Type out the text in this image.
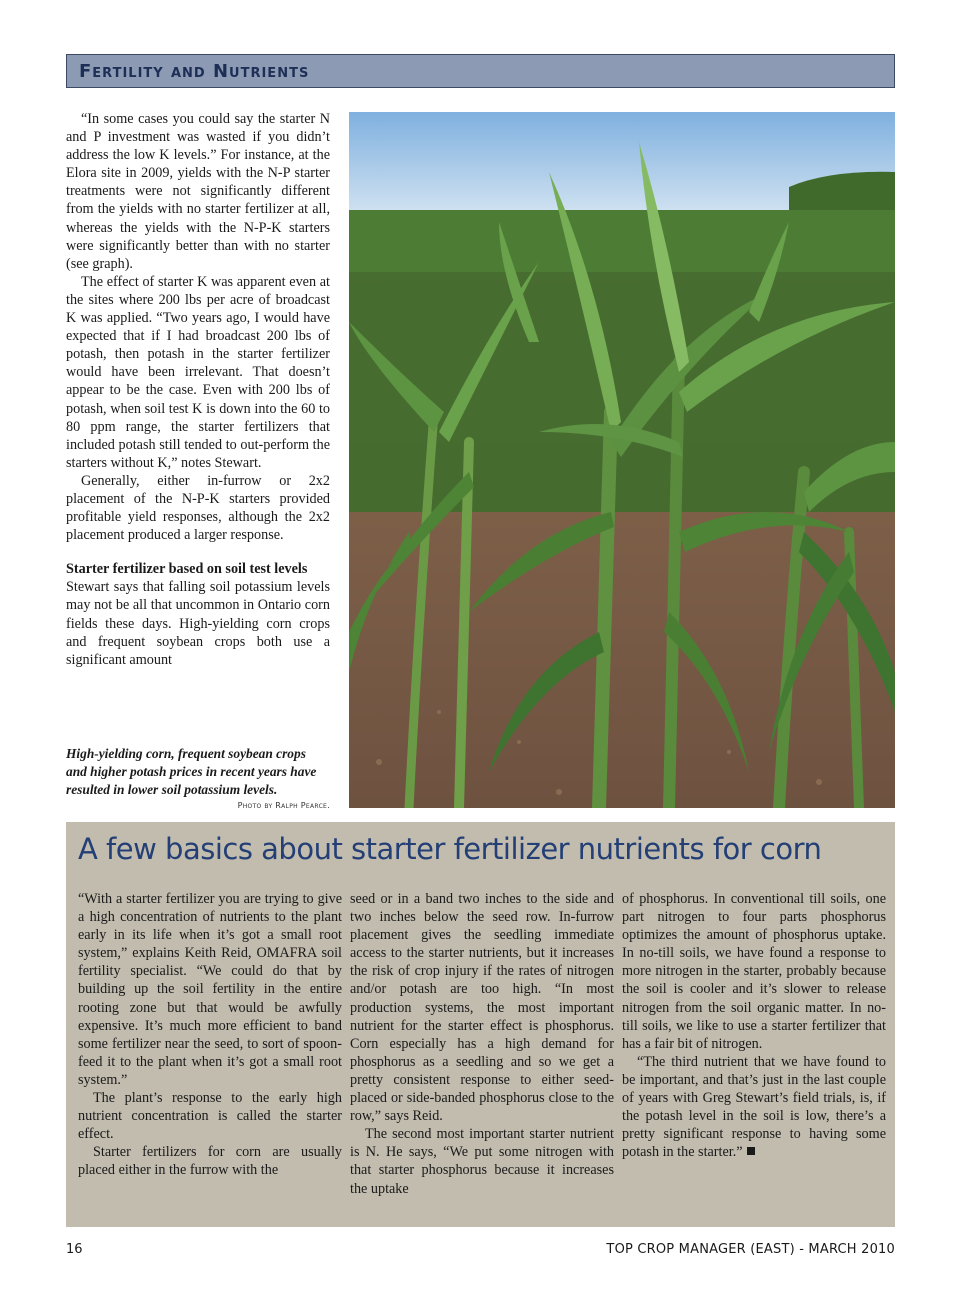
Fertility and Nutrients

“In some cases you could say the starter N and P investment was wasted if you didn’t address the low K levels.” For instance, at the Elora site in 2009, yields with the N-P starter treatments were not significantly different from the yields with no starter fertilizer at all, whereas the yields with the N-P-K starters were significantly better than with no starter (see graph).

The effect of starter K was apparent even at the sites where 200 lbs per acre of broadcast K was applied. “Two years ago, I would have expected that if I had broadcast 200 lbs of potash, then potash in the starter fertilizer would have been irrelevant. That doesn’t appear to be the case. Even with 200 lbs of potash, when soil test K is down into the 60 to 80 ppm range, the starter fertilizers that included potash still tended to out-perform the starters without K,” notes Stewart.

Generally, either in-furrow or 2x2 placement of the N-P-K starters provided profitable yield responses, although the 2x2 placement produced a larger response.

Starter fertilizer based on soil test levels

Stewart says that falling soil potassium levels may not be all that uncommon in Ontario corn fields these days. High-yielding corn crops and frequent soybean crops both use a significant amount

High-yielding corn, frequent soybean crops and higher potash prices in recent years have resulted in lower soil potassium levels.
Photo by Ralph Pearce.
A few basics about starter fertilizer nutrients for corn

“With a starter fertilizer you are trying to give a high concentration of nutrients to the plant early in its life when it’s got a small root system,” explains Keith Reid, OMAFRA soil fertility specialist. “We could do that by building up the soil fertility in the entire rooting zone but that would be awfully expensive. It’s much more efficient to band some fertilizer near the seed, to sort of spoon-feed it to the plant when it’s got a small root system.”

The plant’s response to the early high nutrient concentration is called the starter effect.

Starter fertilizers for corn are usually placed either in the furrow with the

seed or in a band two inches to the side and two inches below the seed row. In-furrow placement gives the seedling immediate access to the starter nutrients, but it increases the risk of crop injury if the rates of nitrogen and/or potash are too high. “In most production systems, the most important nutrient for the starter effect is phosphorus. Corn especially has a high demand for phosphorus as a seedling and so we get a pretty consistent response to either seed-placed or side-banded phosphorus close to the row,” says Reid.

The second most important starter nutrient is N. He says, “We put some nitrogen with that starter phosphorus because it increases the uptake

of phosphorus. In conventional till soils, one part nitrogen to four parts phosphorus optimizes the amount of phosphorus uptake. In no-till soils, we have found a response to more nitrogen in the starter, probably because the soil is cooler and it’s slower to release nitrogen from the soil organic matter. In no-till soils, we like to use a starter fertilizer that has a fair bit of nitrogen.

“The third nutrient that we have found to be important, and that’s just in the last couple of years with Greg Stewart’s field trials, is, if the potash level in the soil is low, there’s a pretty significant response to having some potash in the starter.”

16	TOP CROP MANAGER (EAST) - MARCH 2010
